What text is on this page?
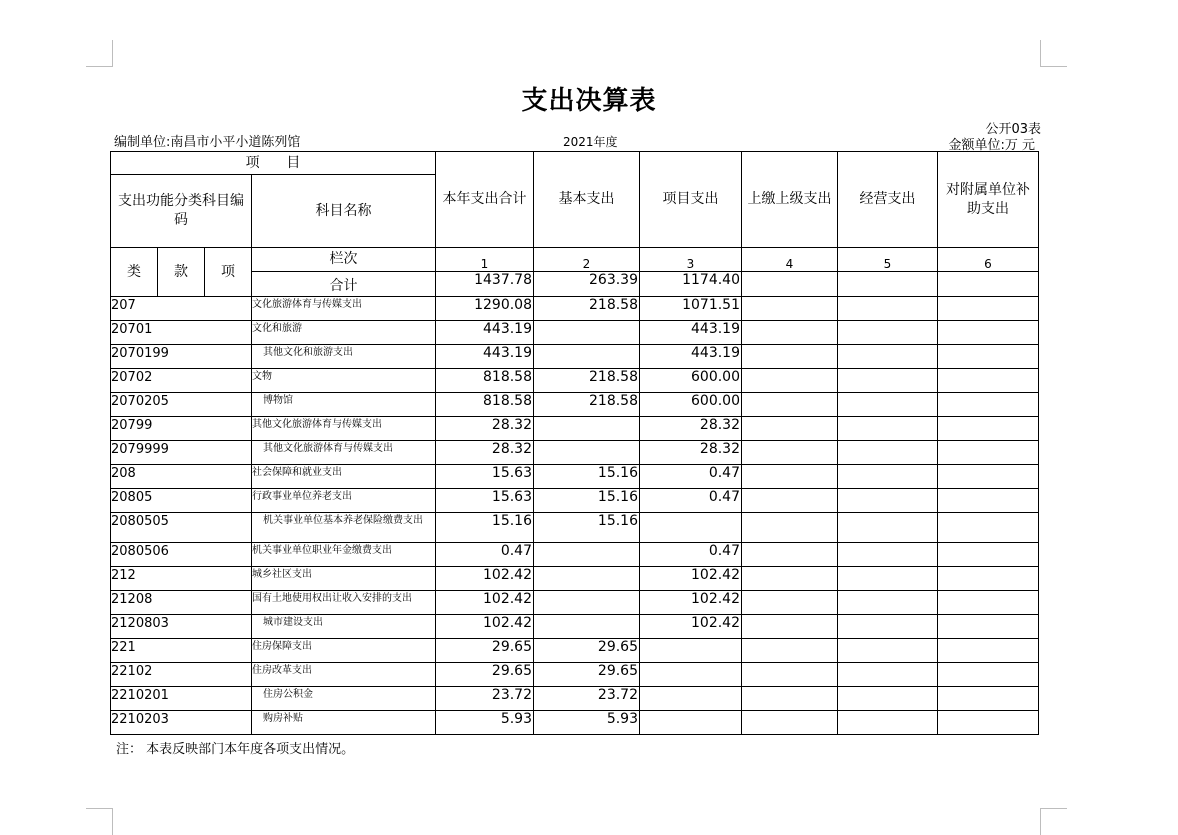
支出决算表
公开03表
编制单位:南昌市小平小道陈列馆	2021年度	金额单位:万 元
项      目				本年支出合计	基本支出	项目支出	上缴上级支出	经营支出	对附属单位补助支出
支出功能分类科目编码			科目名称						
类	款	项	栏次	1	2	3	4	5	6
			合计	1437.78	263.39	1174.40			
207			文化旅游体育与传媒支出	1290.08	218.58	1071.51			
20701			文化和旅游	443.19		443.19			
2070199			其他文化和旅游支出	443.19		443.19			
20702			文物	818.58	218.58	600.00			
2070205			博物馆	818.58	218.58	600.00			
20799			其他文化旅游体育与传媒支出	28.32		28.32			
2079999			其他文化旅游体育与传媒支出	28.32		28.32			
208			社会保障和就业支出	15.63	15.16	0.47			
20805			行政事业单位养老支出	15.63	15.16	0.47			
2080505			机关事业单位基本养老保险缴费支出	15.16	15.16				
2080506			机关事业单位职业年金缴费支出	0.47		0.47			
212			城乡社区支出	102.42		102.42			
21208			国有土地使用权出让收入安排的支出	102.42		102.42			
2120803			城市建设支出	102.42		102.42			
221			住房保障支出	29.65	29.65				
22102			住房改革支出	29.65	29.65				
2210201			住房公积金	23.72	23.72				
2210203			购房补贴	5.93	5.93				
注： 本表反映部门本年度各项支出情况。
